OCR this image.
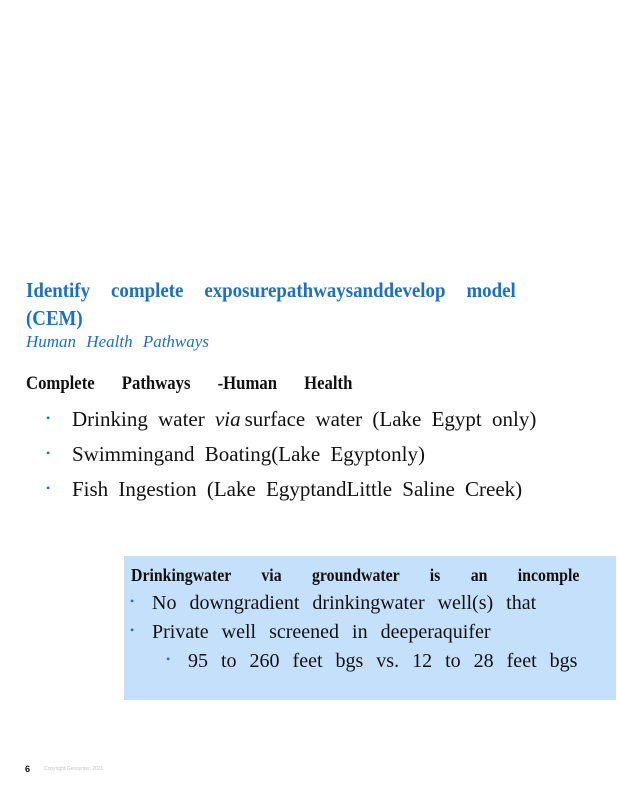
Identify complete exposurepathwaysanddevelop model (CEM)

Human Health Pathways

Complete Pathways -Human Health
• Drinking water via surface water (Lake Egypt only)
• Swimmingand Boating(Lake Egyptonly)
• Fish Ingestion (Lake EgyptandLittle Saline Creek)

Drinkingwater via groundwater is an incomple

• No downgradient drinkingwater well(s) that
• Private well screened in deeperaquifer
• 95 to 260 feet bgs vs. 12 to 28 feet bgs
6	Copyright Geosyntec 2021
